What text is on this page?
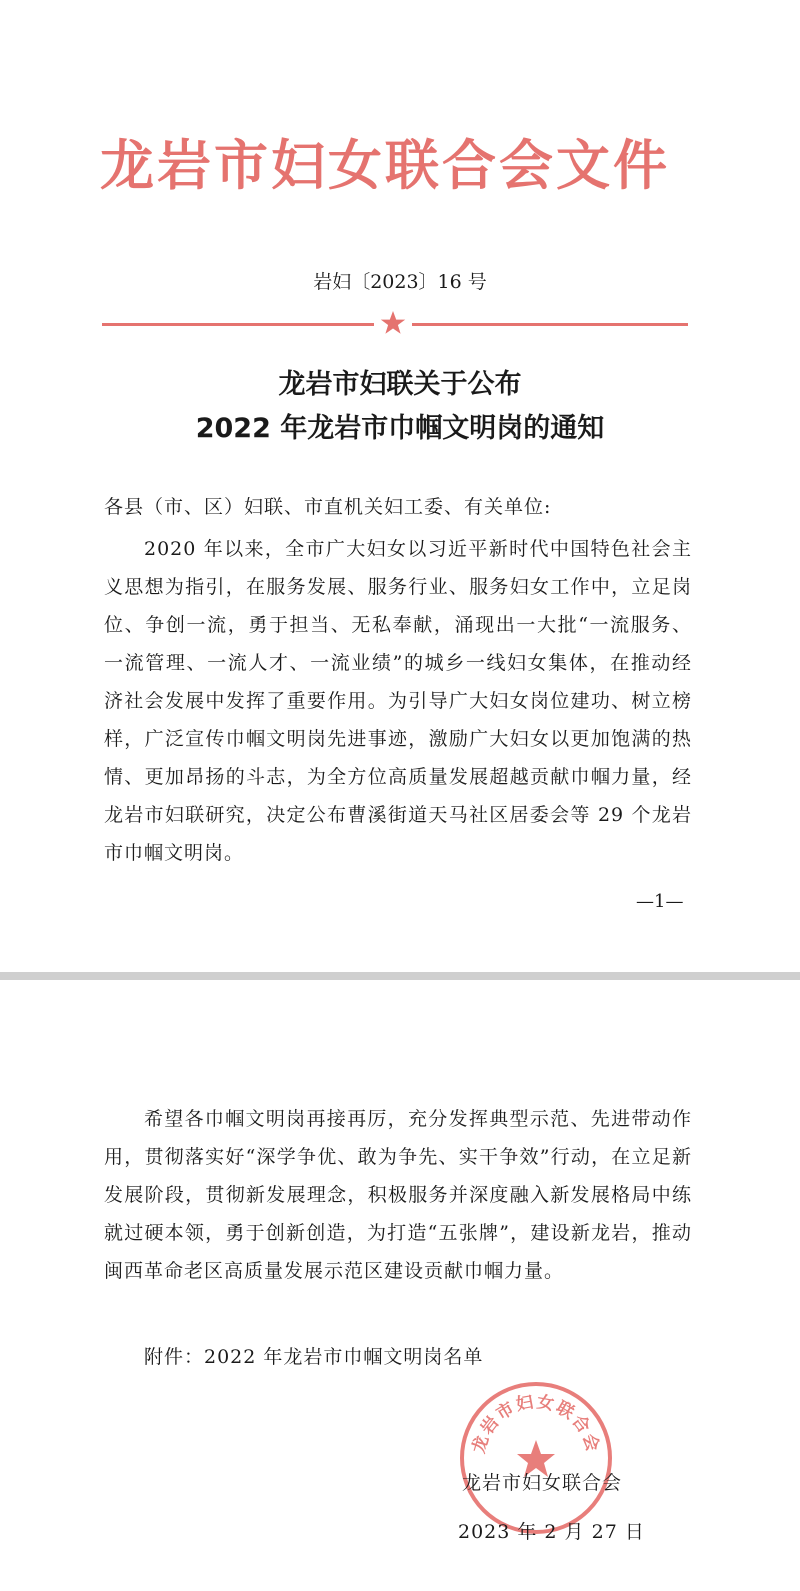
龙岩市妇女联合会文件
岩妇〔2023〕16 号
龙岩市妇联关于公布
2022 年龙岩市巾帼文明岗的通知
各县（市、区）妇联、市直机关妇工委、有关单位:
2020 年以来，全市广大妇女以习近平新时代中国特色社会主义思想为指引，在服务发展、服务行业、服务妇女工作中，立足岗位、争创一流，勇于担当、无私奉献，涌现出一大批“一流服务、一流管理、一流人才、一流业绩”的城乡一线妇女集体，在推动经济社会发展中发挥了重要作用。为引导广大妇女岗位建功、树立榜样，广泛宣传巾帼文明岗先进事迹，激励广大妇女以更加饱满的热情、更加昂扬的斗志，为全方位高质量发展超越贡献巾帼力量，经龙岩市妇联研究，决定公布曹溪街道天马社区居委会等 29 个龙岩市巾帼文明岗。
—1—
希望各巾帼文明岗再接再厉，充分发挥典型示范、先进带动作用，贯彻落实好“深学争优、敢为争先、实干争效”行动，在立足新发展阶段，贯彻新发展理念，积极服务并深度融入新发展格局中练就过硬本领，勇于创新创造，为打造“五张牌”，建设新龙岩，推动闽西革命老区高质量发展示范区建设贡献巾帼力量。
附件：2022 年龙岩市巾帼文明岗名单
龙岩市妇女联合会
龙岩市妇女联合会
2023 年 2 月 27 日
